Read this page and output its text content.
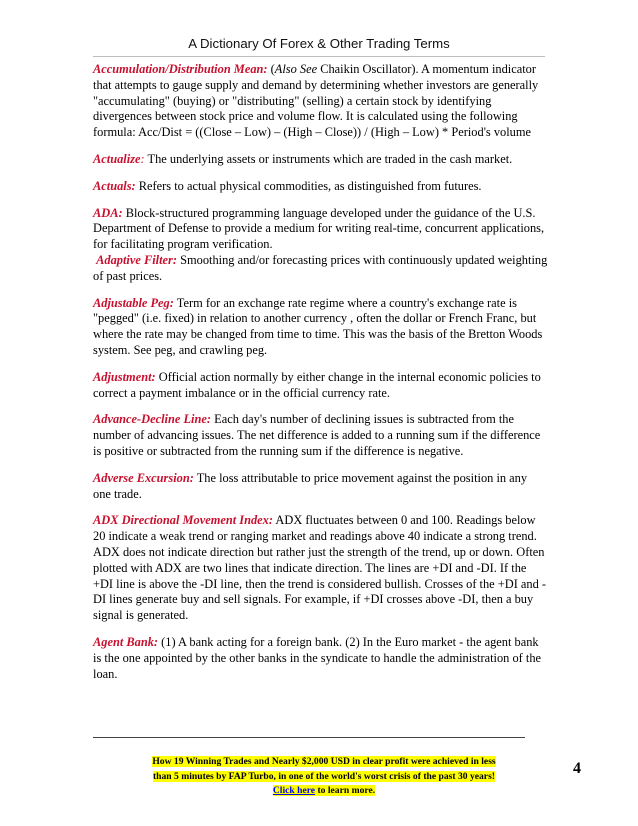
A Dictionary Of Forex & Other Trading Terms

Accumulation/Distribution Mean: (Also See Chaikin Oscillator). A momentum indicator that attempts to gauge supply and demand by determining whether investors are generally "accumulating" (buying) or "distributing" (selling) a certain stock by identifying divergences between stock price and volume flow. It is calculated using the following formula: Acc/Dist = ((Close – Low) – (High – Close)) / (High – Low) * Period's volume

Actualize: The underlying assets or instruments which are traded in the cash market.

Actuals: Refers to actual physical commodities, as distinguished from futures.

ADA: Block-structured programming language developed under the guidance of the U.S. Department of Defense to provide a medium for writing real-time, concurrent applications, for facilitating program verification.

Adaptive Filter: Smoothing and/or forecasting prices with continuously updated weighting of past prices.

Adjustable Peg: Term for an exchange rate regime where a country's exchange rate is "pegged" (i.e. fixed) in relation to another currency , often the dollar or French Franc, but where the rate may be changed from time to time. This was the basis of the Bretton Woods system. See peg, and crawling peg.

Adjustment: Official action normally by either change in the internal economic policies to correct a payment imbalance or in the official currency rate.

Advance-Decline Line: Each day's number of declining issues is subtracted from the number of advancing issues. The net difference is added to a running sum if the difference is positive or subtracted from the running sum if the difference is negative.

Adverse Excursion: The loss attributable to price movement against the position in any one trade.

ADX Directional Movement Index: ADX fluctuates between 0 and 100. Readings below 20 indicate a weak trend or ranging market and readings above 40 indicate a strong trend. ADX does not indicate direction but rather just the strength of the trend, up or down. Often plotted with ADX are two lines that indicate direction. The lines are +DI and -DI. If the +DI line is above the -DI line, then the trend is considered bullish. Crosses of the +DI and -DI lines generate buy and sell signals. For example, if +DI crosses above -DI, then a buy signal is generated.

Agent Bank: (1) A bank acting for a foreign bank. (2) In the Euro market - the agent bank is the one appointed by the other banks in the syndicate to handle the administration of the loan.

How 19 Winning Trades and Nearly $2,000 USD in clear profit were achieved in less
than 5 minutes by FAP Turbo, in one of the world's worst crisis of the past 30 years!
Click here to learn more.
4
